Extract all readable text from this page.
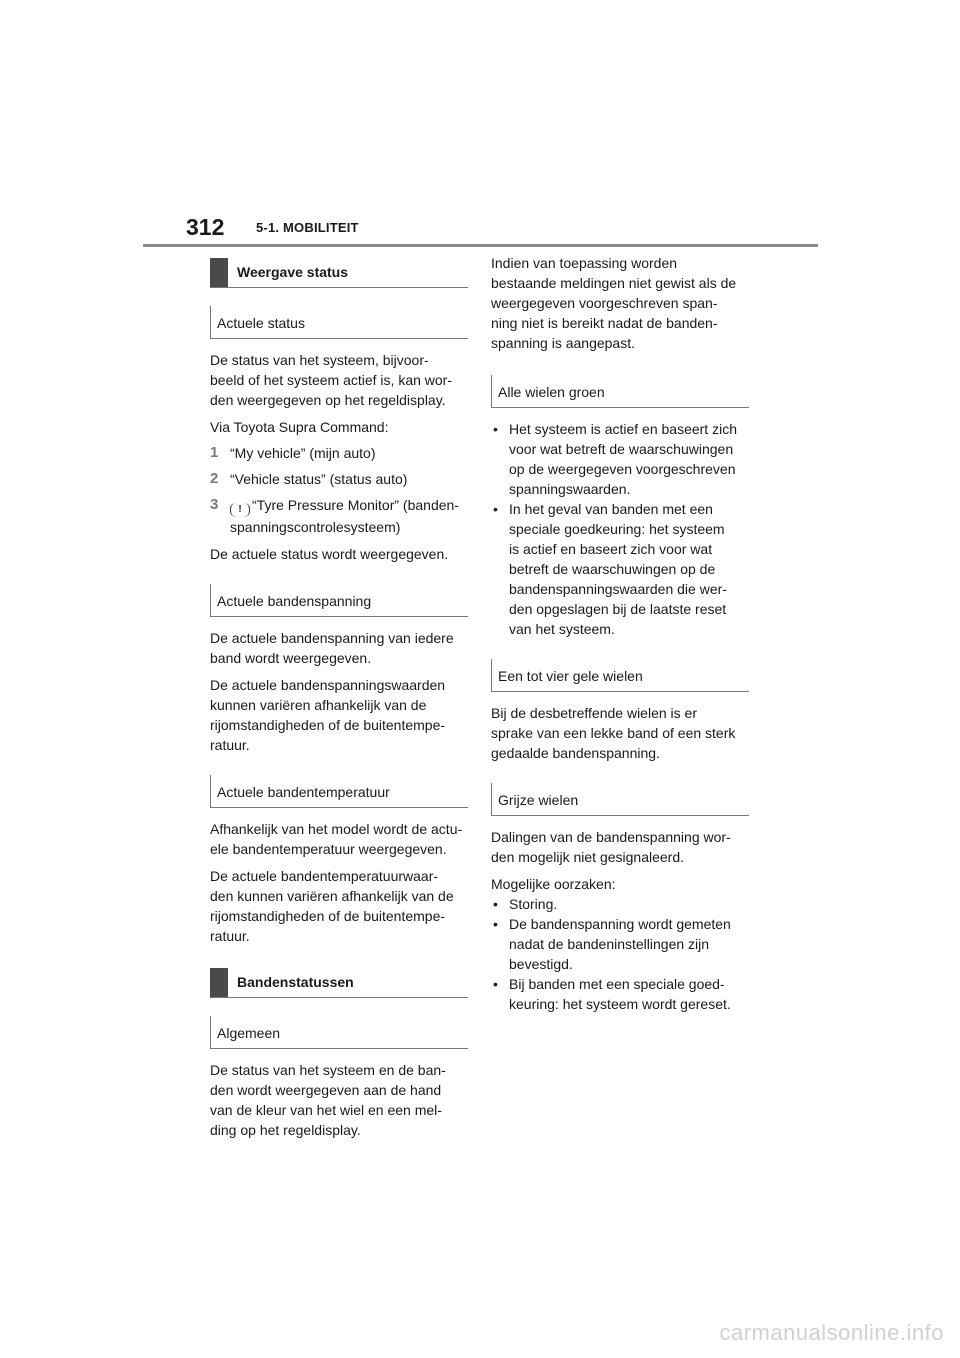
312 5-1. MOBILITEIT
Weergave status
Actuele status

De status van het systeem, bijvoor-
beeld of het systeem actief is, kan wor-
den weergegeven op het regeldisplay.

Via Toyota Supra Command:

1 “My vehicle” (mijn auto)
2 “Vehicle status” (status auto)
3	! “Tyre Pressure Monitor” (banden-
spanningscontrolesysteem)

De actuele status wordt weergegeven.

Actuele bandenspanning

De actuele bandenspanning van iedere
band wordt weergegeven.

De actuele bandenspanningswaarden
kunnen variëren afhankelijk van de
rijomstandigheden of de buitentempe-
ratuur.

Actuele bandentemperatuur

Afhankelijk van het model wordt de actu-
ele bandentemperatuur weergegeven.

De actuele bandentemperatuurwaar-
den kunnen variëren afhankelijk van de
rijomstandigheden of de buitentempe-
ratuur.

Bandenstatussen
Algemeen

De status van het systeem en de ban-
den wordt weergegeven aan de hand
van de kleur van het wiel en een mel-
ding op het regeldisplay.

Indien van toepassing worden
bestaande meldingen niet gewist als de
weergegeven voorgeschreven span-
ning niet is bereikt nadat de banden-
spanning is aangepast.

Alle wielen groen
• Het systeem is actief en baseert zich
voor wat betreft de waarschuwingen
op de weergegeven voorgeschreven
spanningswaarden.
• In het geval van banden met een
speciale goedkeuring: het systeem
is actief en baseert zich voor wat
betreft de waarschuwingen op de
bandenspanningswaarden die wer-
den opgeslagen bij de laatste reset
van het systeem.
Een tot vier gele wielen

Bij de desbetreffende wielen is er
sprake van een lekke band of een sterk
gedaalde bandenspanning.

Grijze wielen

Dalingen van de bandenspanning wor-
den mogelijk niet gesignaleerd.

Mogelijke oorzaken:

• Storing.
• De bandenspanning wordt gemeten
nadat de bandeninstellingen zijn
bevestigd.
• Bij banden met een speciale goed-
keuring: het systeem wordt gereset.
carmanualsonline.info
